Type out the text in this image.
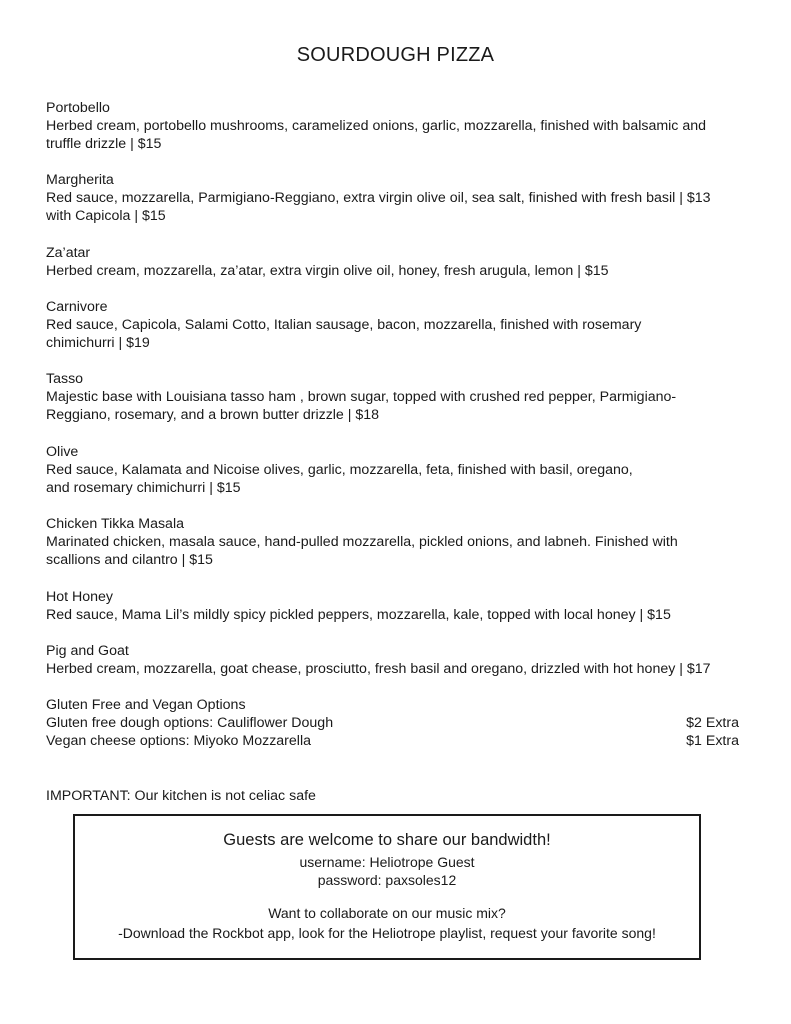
SOURDOUGH PIZZA
Portobello
Herbed cream, portobello mushrooms, caramelized onions, garlic, mozzarella, finished with balsamic and
truffle drizzle | $15
Margherita
Red sauce, mozzarella, Parmigiano-Reggiano, extra virgin olive oil, sea salt, finished with fresh basil | $13
with Capicola | $15
Za’atar
Herbed cream, mozzarella, za’atar, extra virgin olive oil, honey, fresh arugula, lemon | $15
Carnivore
Red sauce, Capicola, Salami Cotto, Italian sausage, bacon, mozzarella, finished with rosemary
chimichurri | $19
Tasso
Majestic base with Louisiana tasso ham , brown sugar, topped with crushed red pepper, Parmigiano-
Reggiano, rosemary, and a brown butter drizzle | $18
Olive
Red sauce, Kalamata and Nicoise olives, garlic, mozzarella, feta, finished with basil, oregano,
and rosemary chimichurri | $15
Chicken Tikka Masala
Marinated chicken, masala sauce, hand-pulled mozzarella, pickled onions, and labneh. Finished with
scallions and cilantro | $15
Hot Honey
Red sauce, Mama Lil’s mildly spicy pickled peppers, mozzarella, kale, topped with local honey | $15
Pig and Goat
Herbed cream, mozzarella, goat chease, prosciutto, fresh basil and oregano, drizzled with hot honey | $17
Gluten Free and Vegan Options
Gluten free dough options: Cauliflower Dough	$2 Extra
Vegan cheese options: Miyoko Mozzarella	$1 Extra
IMPORTANT: Our kitchen is not celiac safe
Guests are welcome to share our bandwidth!
username: Heliotrope Guest
password: paxsoles12
Want to collaborate on our music mix?
-Download the Rockbot app, look for the Heliotrope playlist, request your favorite song!
